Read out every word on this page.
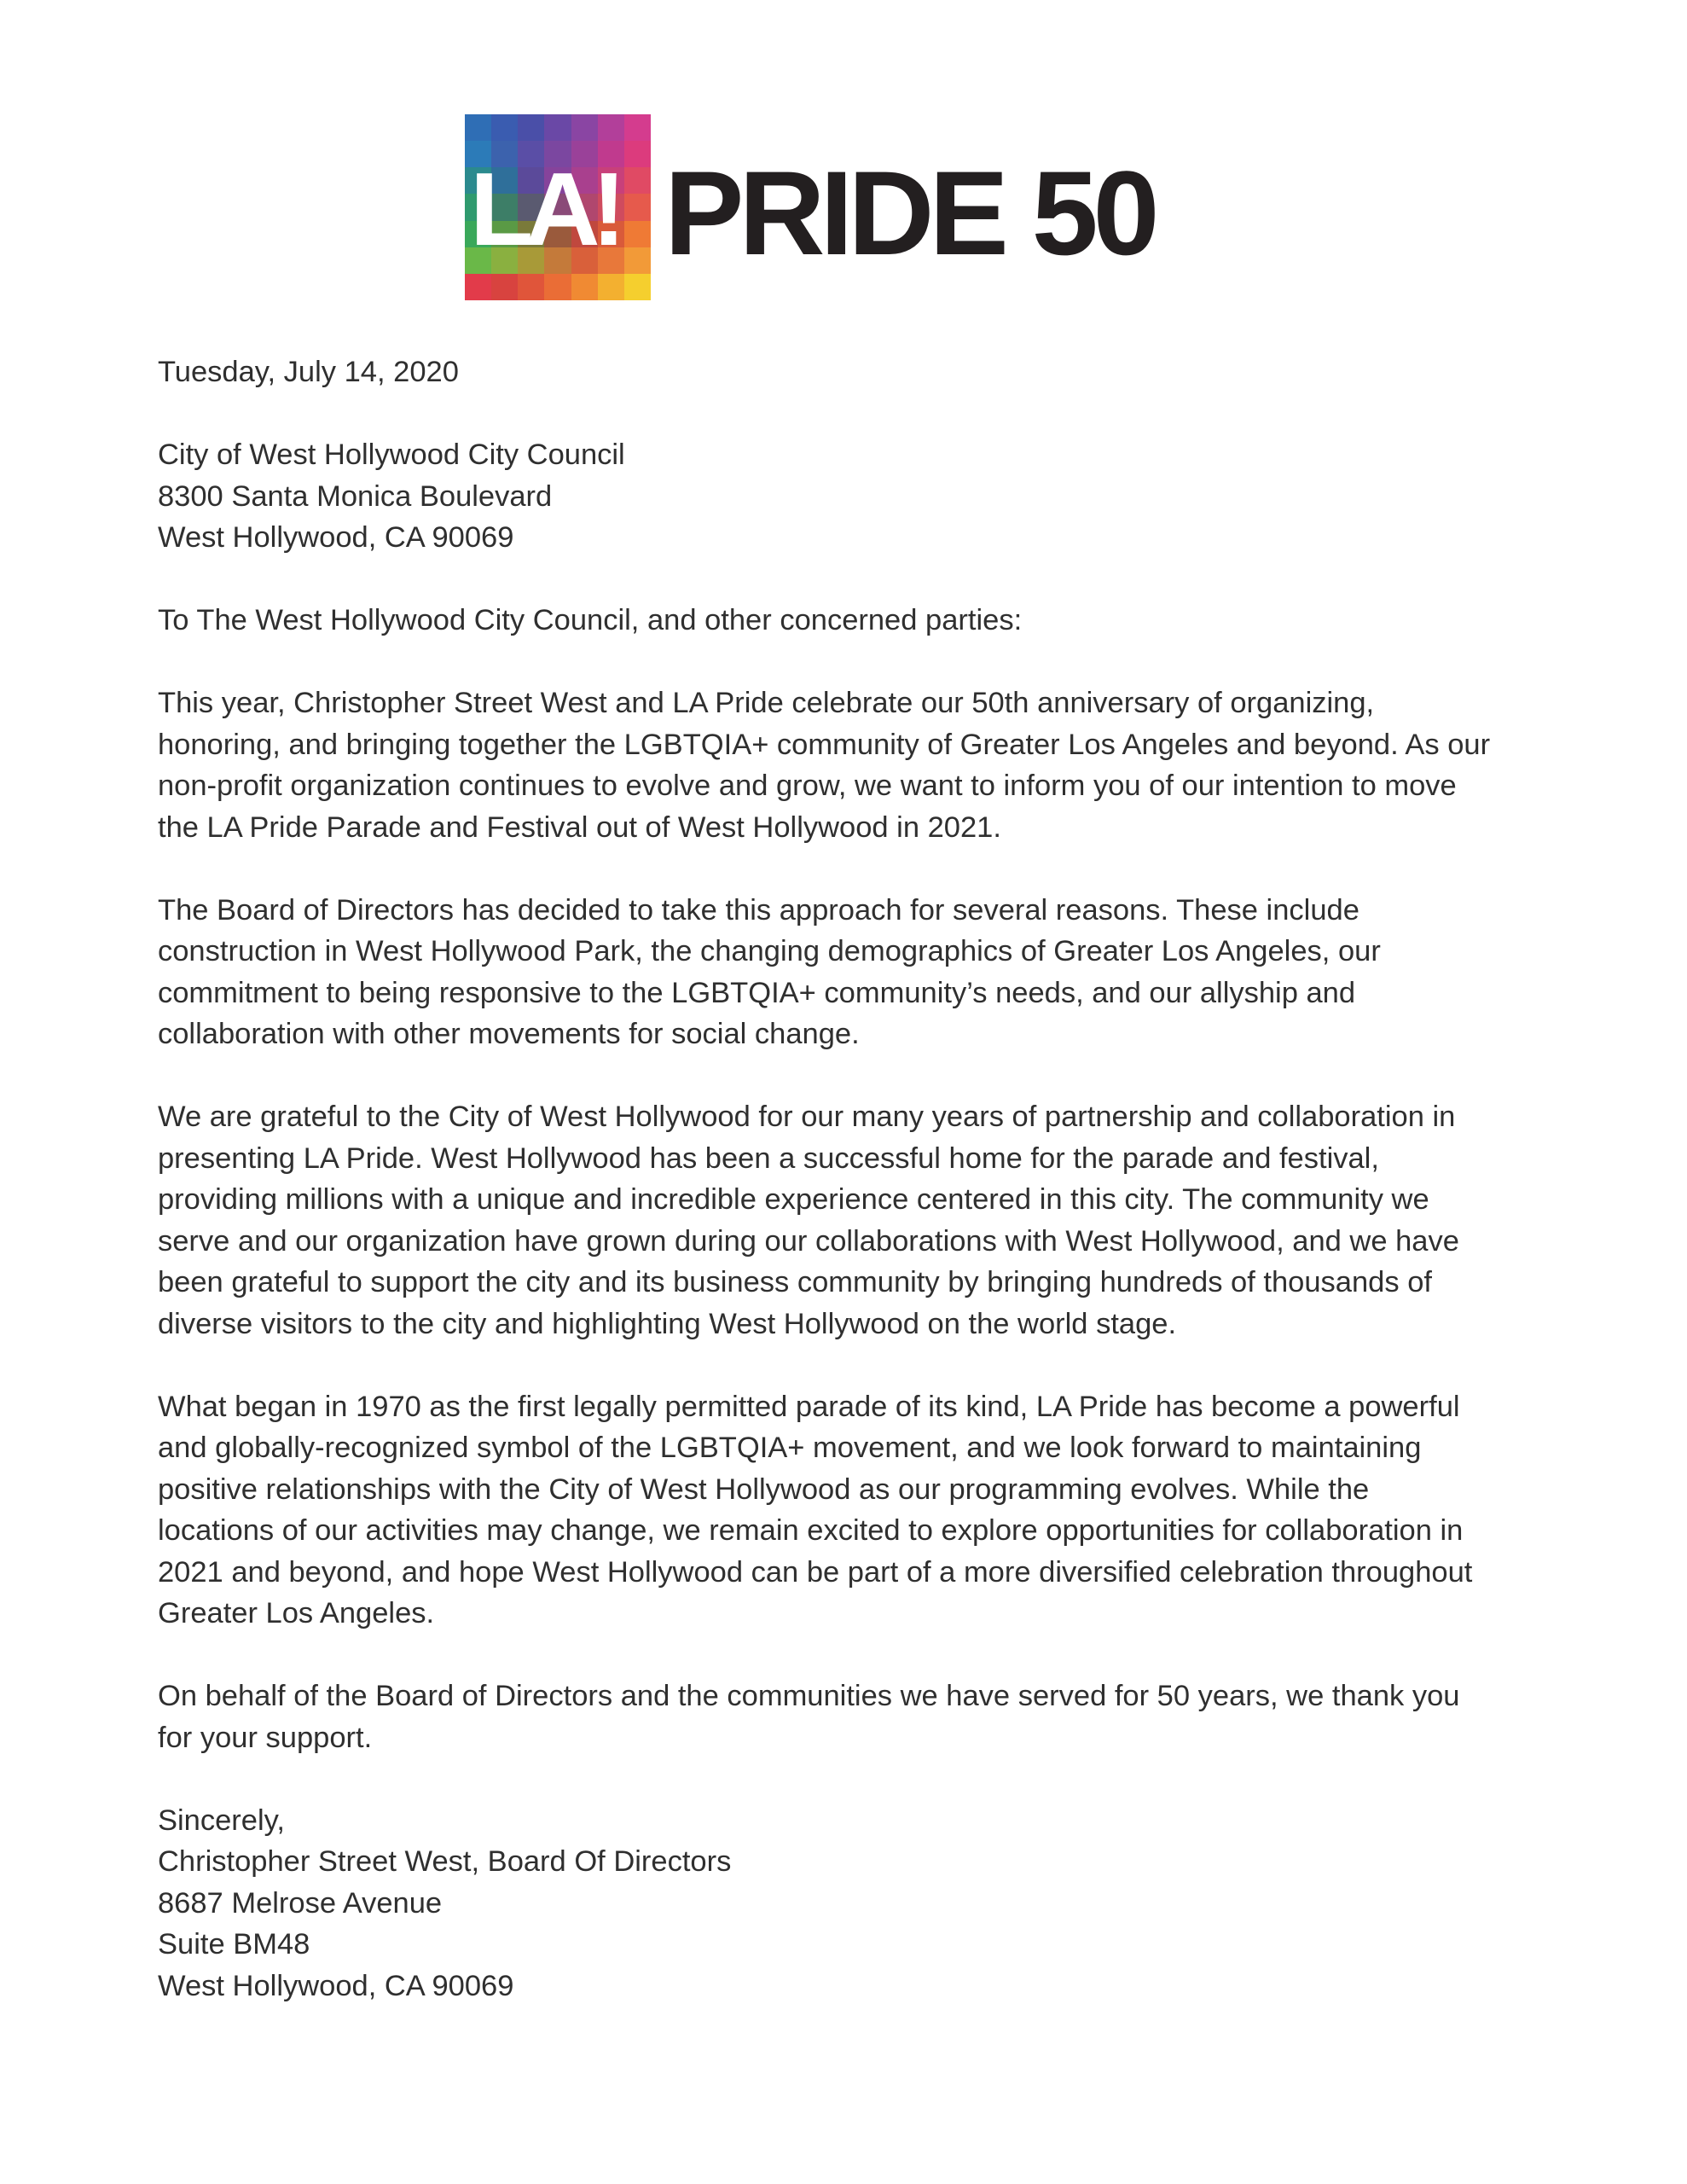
LA! PRIDE 50

Tuesday, July 14, 2020

City of West Hollywood City Council
8300 Santa Monica Boulevard
West Hollywood, CA 90069

To The West Hollywood City Council, and other concerned parties:

This year, Christopher Street West and LA Pride celebrate our 50th anniversary of organizing,
honoring, and bringing together the LGBTQIA+ community of Greater Los Angeles and beyond. As our
non-profit organization continues to evolve and grow, we want to inform you of our intention to move
the LA Pride Parade and Festival out of West Hollywood in 2021.

The Board of Directors has decided to take this approach for several reasons. These include
construction in West Hollywood Park, the changing demographics of Greater Los Angeles, our
commitment to being responsive to the LGBTQIA+ community’s needs, and our allyship and
collaboration with other movements for social change.

We are grateful to the City of West Hollywood for our many years of partnership and collaboration in
presenting LA Pride. West Hollywood has been a successful home for the parade and festival,
providing millions with a unique and incredible experience centered in this city. The community we
serve and our organization have grown during our collaborations with West Hollywood, and we have
been grateful to support the city and its business community by bringing hundreds of thousands of
diverse visitors to the city and highlighting West Hollywood on the world stage.

What began in 1970 as the first legally permitted parade of its kind, LA Pride has become a powerful
and globally-recognized symbol of the LGBTQIA+ movement, and we look forward to maintaining
positive relationships with the City of West Hollywood as our programming evolves. While the
locations of our activities may change, we remain excited to explore opportunities for collaboration in
2021 and beyond, and hope West Hollywood can be part of a more diversified celebration throughout
Greater Los Angeles.

On behalf of the Board of Directors and the communities we have served for 50 years, we thank you
for your support.

Sincerely,
Christopher Street West, Board Of Directors
8687 Melrose Avenue
Suite BM48
West Hollywood, CA 90069
